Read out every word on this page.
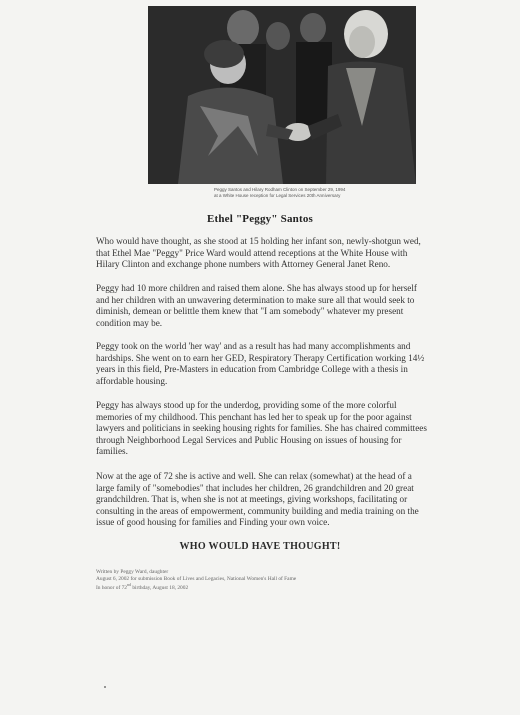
Peggy Santos and Hilary Rodham Clinton on September 29, 1994
at a White House reception for Legal Services 20th Anniversary
Ethel "Peggy" Santos

Who would have thought, as she stood at 15 holding her infant son, newly-shotgun wed, that Ethel Mae "Peggy" Price Ward would attend receptions at the White House with Hilary Clinton and exchange phone numbers with Attorney General Janet Reno.

Peggy had 10 more children and raised them alone. She has always stood up for herself and her children with an unwavering determination to make sure all that would seek to diminish, demean or belittle them knew that "I am somebody" whatever my present condition may be.

Peggy took on the world 'her way' and as a result has had many accomplishments and hardships. She went on to earn her GED, Respiratory Therapy Certification working 14½ years in this field, Pre-Masters in education from Cambridge College with a thesis in affordable housing.

Peggy has always stood up for the underdog, providing some of the more colorful memories of my childhood. This penchant has led her to speak up for the poor against lawyers and politicians in seeking housing rights for families. She has chaired committees through Neighborhood Legal Services and Public Housing on issues of housing for families.

Now at the age of 72 she is active and well. She can relax (somewhat) at the head of a large family of "somebodies" that includes her children, 26 grandchildren and 20 great grandchildren. That is, when she is not at meetings, giving workshops, facilitating or consulting in the areas of empowerment, community building and media training on the issue of good housing for families and Finding your own voice.

WHO WOULD HAVE THOUGHT!
Written by Peggy Ward, daughter
August 6, 2002 for submission Book of Lives and Legacies, National Women's Hall of Fame
In honor of 72nd birthday, August 18, 2002
